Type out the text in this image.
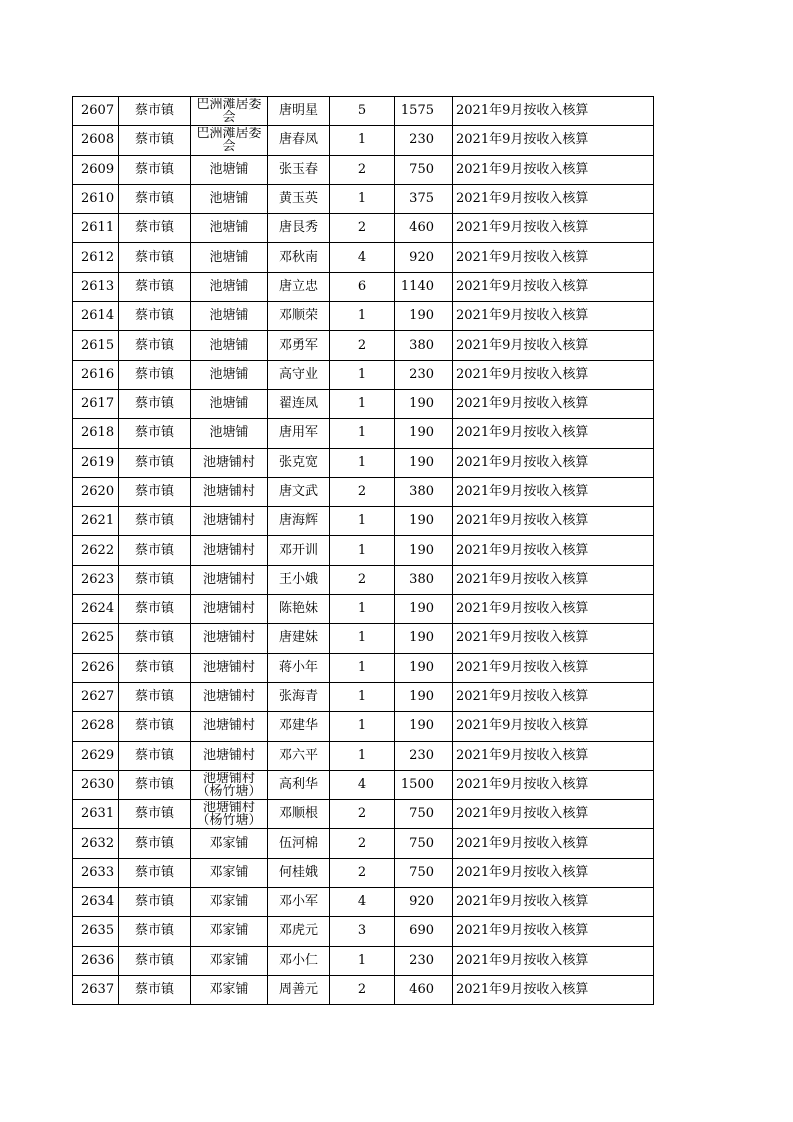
2607	蔡市镇	巴洲滩居委会	唐明星	5	1575	2021年9月按收入核算
2608	蔡市镇	巴洲滩居委会	唐春凤	1	230	2021年9月按收入核算
2609	蔡市镇	池塘铺	张玉春	2	750	2021年9月按收入核算
2610	蔡市镇	池塘铺	黄玉英	1	375	2021年9月按收入核算
2611	蔡市镇	池塘铺	唐艮秀	2	460	2021年9月按收入核算
2612	蔡市镇	池塘铺	邓秋南	4	920	2021年9月按收入核算
2613	蔡市镇	池塘铺	唐立忠	6	1140	2021年9月按收入核算
2614	蔡市镇	池塘铺	邓顺荣	1	190	2021年9月按收入核算
2615	蔡市镇	池塘铺	邓勇军	2	380	2021年9月按收入核算
2616	蔡市镇	池塘铺	高守业	1	230	2021年9月按收入核算
2617	蔡市镇	池塘铺	翟连凤	1	190	2021年9月按收入核算
2618	蔡市镇	池塘铺	唐用军	1	190	2021年9月按收入核算
2619	蔡市镇	池塘铺村	张克宽	1	190	2021年9月按收入核算
2620	蔡市镇	池塘铺村	唐文武	2	380	2021年9月按收入核算
2621	蔡市镇	池塘铺村	唐海辉	1	190	2021年9月按收入核算
2622	蔡市镇	池塘铺村	邓开训	1	190	2021年9月按收入核算
2623	蔡市镇	池塘铺村	王小娥	2	380	2021年9月按收入核算
2624	蔡市镇	池塘铺村	陈艳妹	1	190	2021年9月按收入核算
2625	蔡市镇	池塘铺村	唐建妹	1	190	2021年9月按收入核算
2626	蔡市镇	池塘铺村	蒋小年	1	190	2021年9月按收入核算
2627	蔡市镇	池塘铺村	张海青	1	190	2021年9月按收入核算
2628	蔡市镇	池塘铺村	邓建华	1	190	2021年9月按收入核算
2629	蔡市镇	池塘铺村	邓六平	1	230	2021年9月按收入核算
2630	蔡市镇	池塘铺村（杨竹塘）	高利华	4	1500	2021年9月按收入核算
2631	蔡市镇	池塘铺村（杨竹塘）	邓顺根	2	750	2021年9月按收入核算
2632	蔡市镇	邓家铺	伍河棉	2	750	2021年9月按收入核算
2633	蔡市镇	邓家铺	何桂娥	2	750	2021年9月按收入核算
2634	蔡市镇	邓家铺	邓小军	4	920	2021年9月按收入核算
2635	蔡市镇	邓家铺	邓虎元	3	690	2021年9月按收入核算
2636	蔡市镇	邓家铺	邓小仁	1	230	2021年9月按收入核算
2637	蔡市镇	邓家铺	周善元	2	460	2021年9月按收入核算
